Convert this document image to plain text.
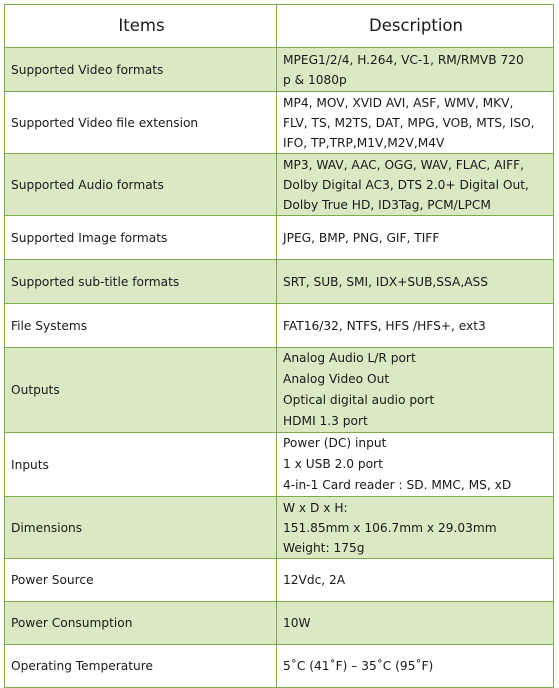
Items	Description
Supported Video formats	MPEG1/2/4, H.264, VC-1, RM/RMVB 720
p & 1080p

Supported Video file extension	MP4, MOV, XVID AVI, ASF, WMV, MKV,
FLV, TS, M2TS, DAT, MPG, VOB, MTS, ISO,
IFO, TP,TRP,M1V,M2V,M4V

Supported Audio formats	MP3, WAV, AAC, OGG, WAV, FLAC, AIFF,
Dolby Digital AC3, DTS 2.0+ Digital Out,
Dolby True HD, ID3Tag, PCM/LPCM

Supported Image formats	JPEG, BMP, PNG, GIF, TIFF

Supported sub-title formats	SRT, SUB, SMI, IDX+SUB,SSA,ASS

File Systems	FAT16/32, NTFS, HFS /HFS+, ext3

Outputs	Analog Audio L/R port
Analog Video Out
Optical digital audio port
HDMI 1.3 port

Inputs	Power (DC) input
1 x USB 2.0 port
4-in-1 Card reader : SD. MMC, MS, xD

Dimensions	W x D x H:
151.85mm x 106.7mm x 29.03mm
Weight: 175g

Power Source	12Vdc, 2A

Power Consumption	10W

Operating Temperature	5˚C (41˚F) – 35˚C (95˚F)
